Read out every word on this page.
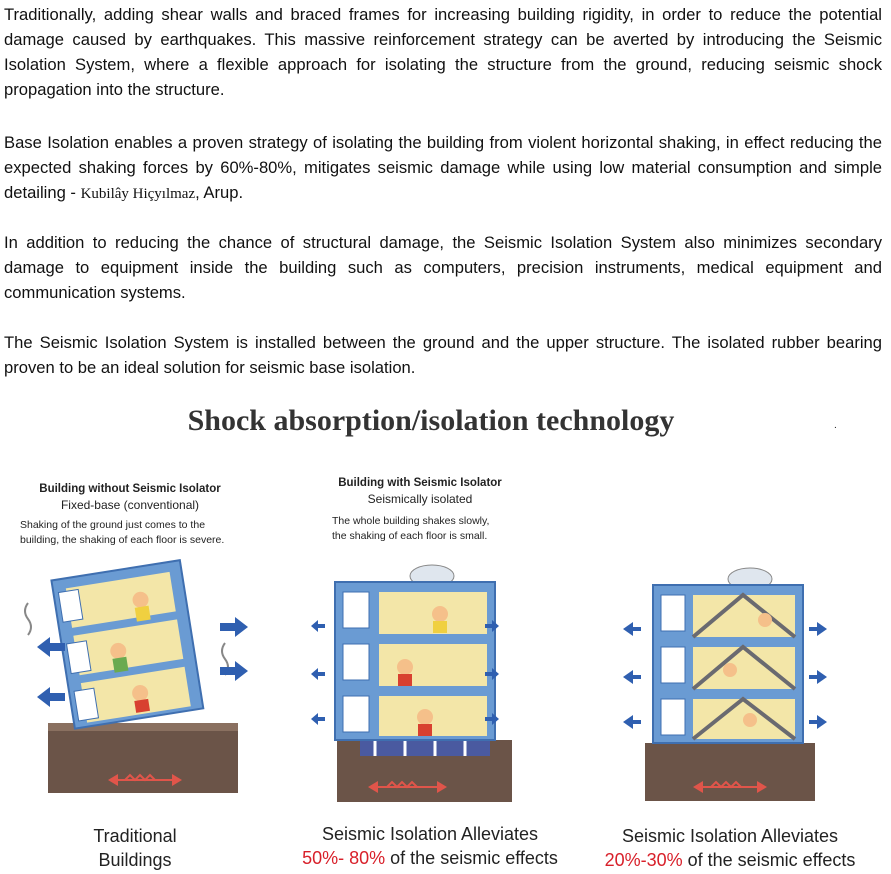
Traditionally, adding shear walls and braced frames for increasing building rigidity, in order to reduce the potential damage caused by earthquakes. This massive reinforcement strategy can be averted by introducing the Seismic Isolation System, where a flexible approach for isolating the structure from the ground, reducing seismic shock propagation into the structure.

Base Isolation enables a proven strategy of isolating the building from violent horizontal shaking, in effect reducing the expected shaking forces by 60%-80%, mitigates seismic damage while using low material consumption and simple detailing - Kubilây Hiçyılmaz, Arup.

In addition to reducing the chance of structural damage, the Seismic Isolation System also minimizes secondary damage to equipment inside the building such as computers, precision instruments, medical equipment and communication systems.

The Seismic Isolation System is installed between the ground and the upper structure. The isolated rubber bearing proven to be an ideal solution for seismic base isolation.

Shock absorption/isolation technology	.
Building without Seismic Isolator
Fixed-base (conventional)
Shaking of the ground just comes to the
building, the shaking of each floor is severe.
Building with Seismic Isolator
Seismically isolated
The whole building shakes slowly,
the shaking of each floor is small.
Traditional
Buildings
Seismic Isolation Alleviates
50%- 80% of the seismic effects
Seismic Isolation Alleviates
20%-30% of the seismic effects
